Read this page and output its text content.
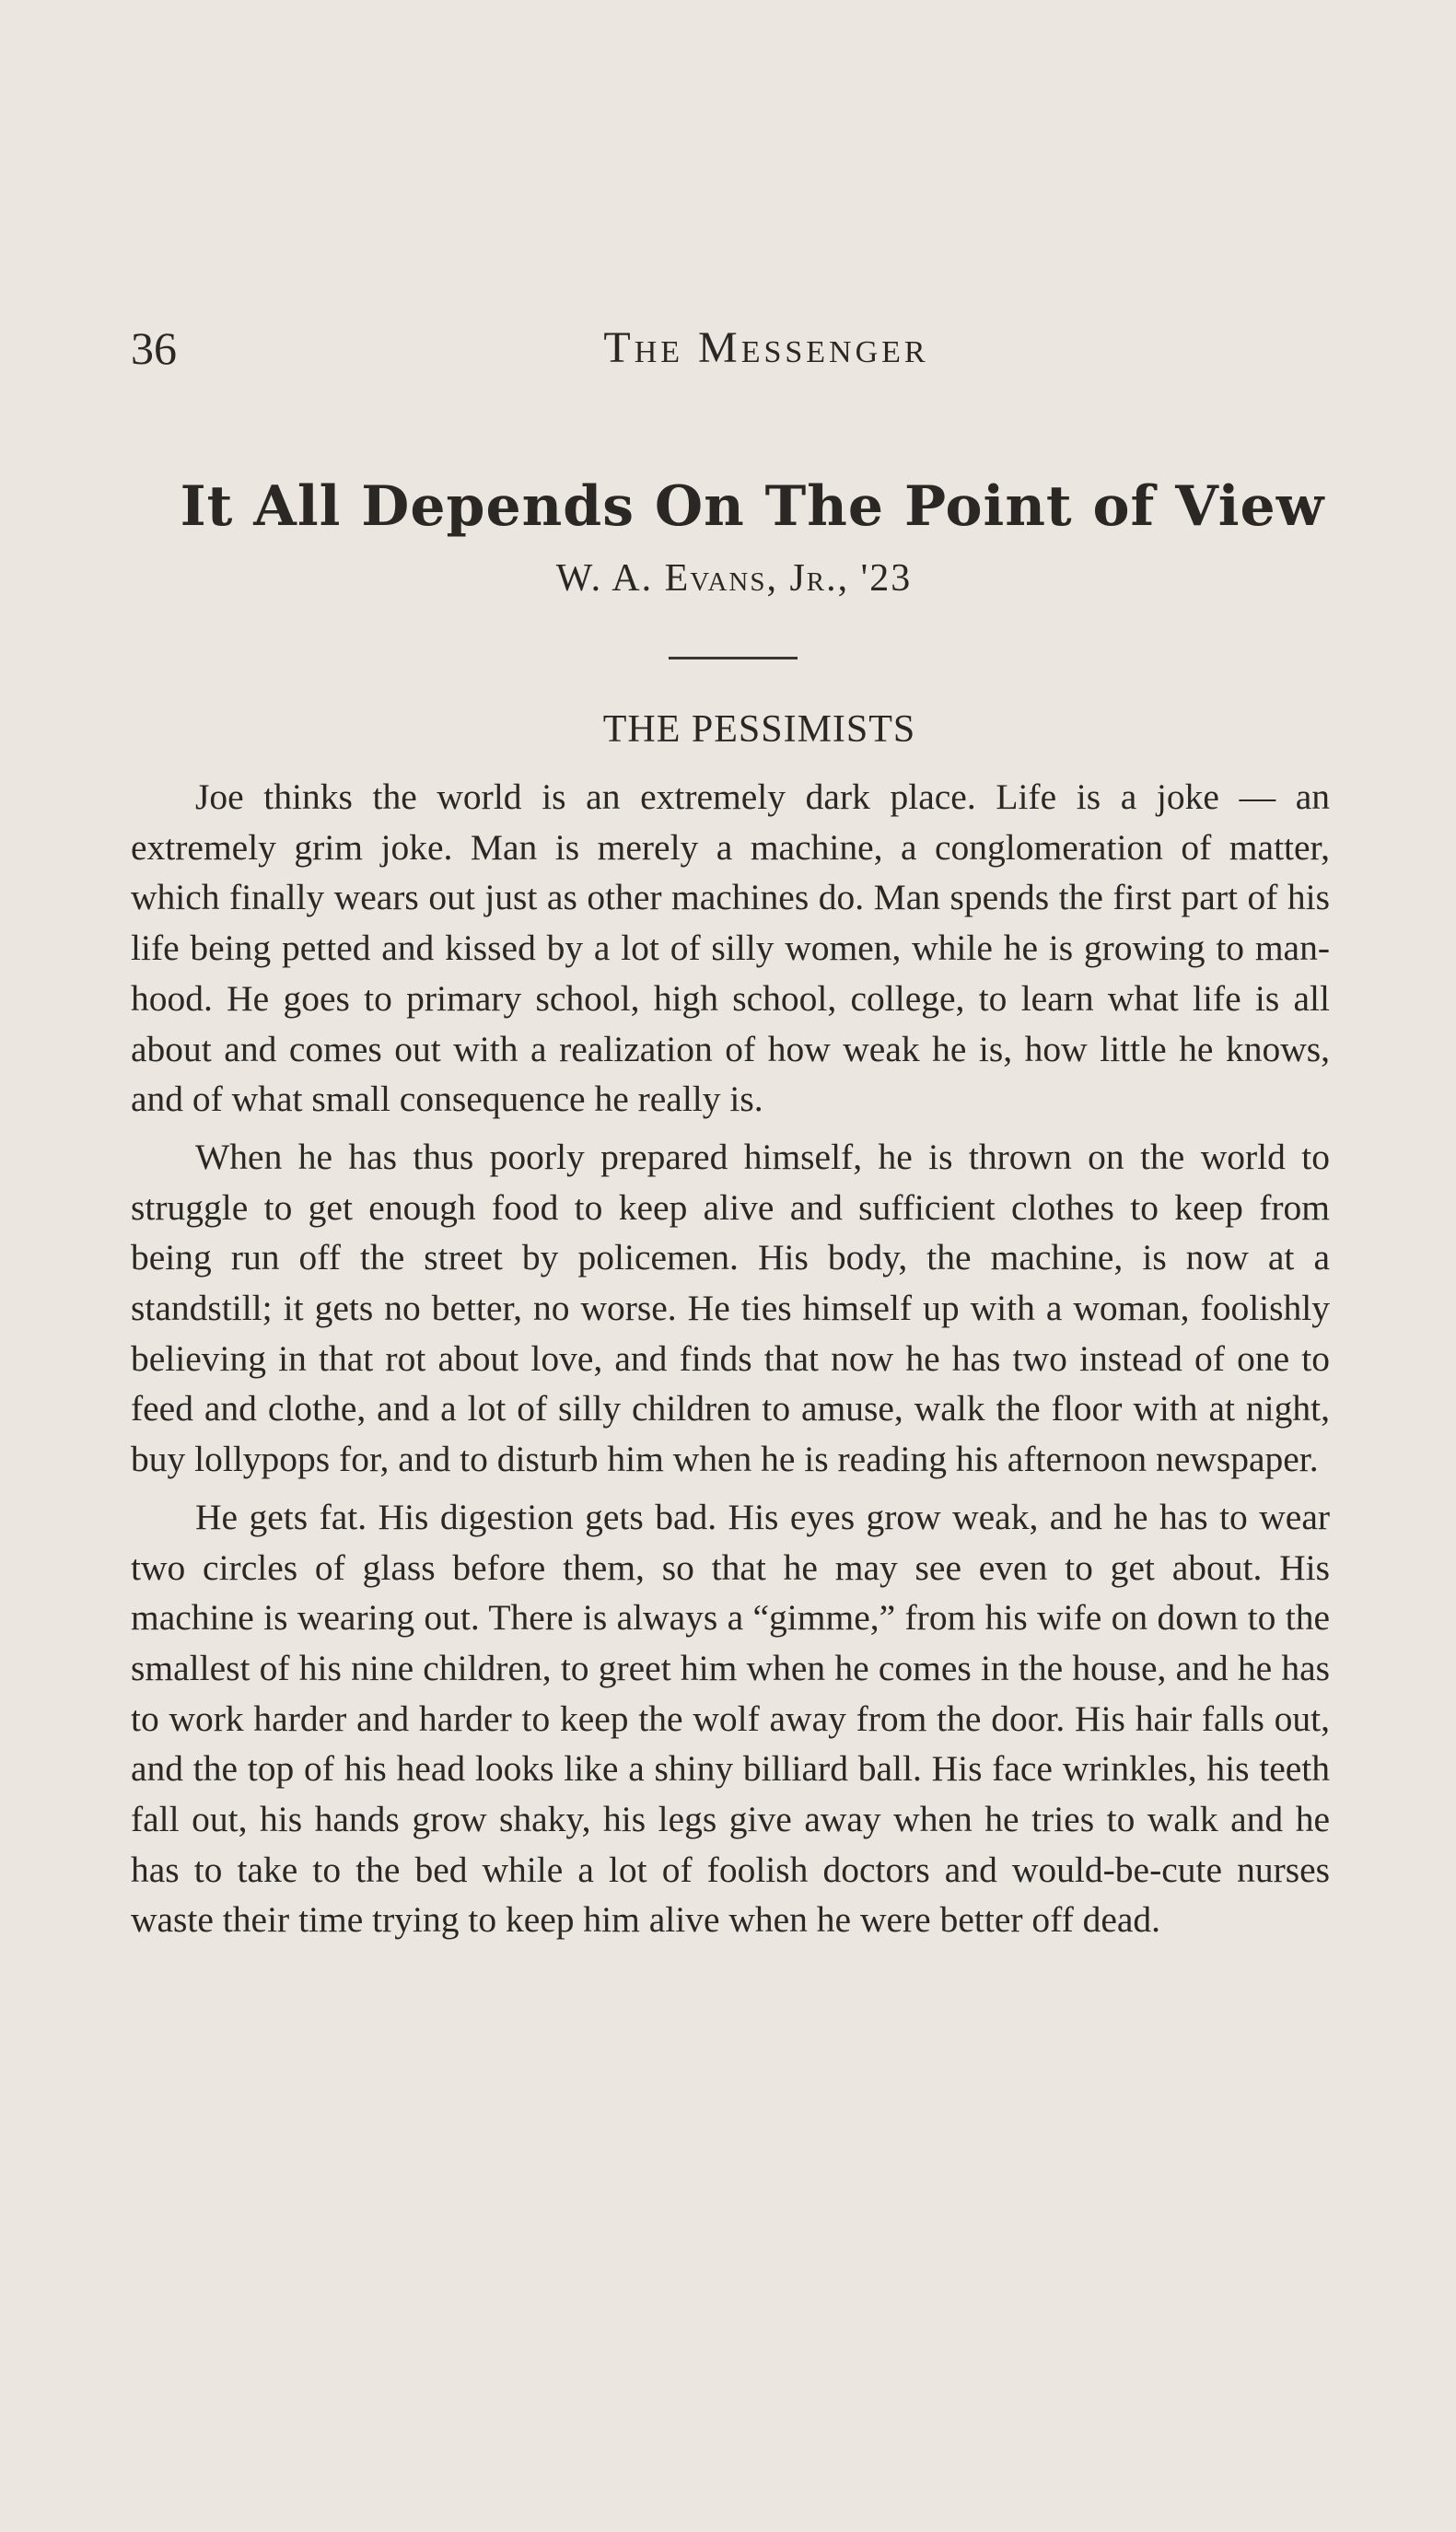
36	The Messenger
It All Depends On The Point of View
W. A. Evans, Jr., '23
THE PESSIMISTS

Joe thinks the world is an extremely dark place. Life is a joke — an extremely grim joke. Man is merely a machine, a conglomeration of matter, which finally wears out just as other machines do. Man spends the first part of his life being petted and kissed by a lot of silly women, while he is growing to manhood. He goes to primary school, high school, college, to learn what life is all about and comes out with a realization of how weak he is, how little he knows, and of what small consequence he really is.

When he has thus poorly prepared himself, he is thrown on the world to struggle to get enough food to keep alive and sufficient clothes to keep from being run off the street by policemen. His body, the machine, is now at a standstill; it gets no better, no worse. He ties himself up with a woman, foolishly believing in that rot about love, and finds that now he has two instead of one to feed and clothe, and a lot of silly children to amuse, walk the floor with at night, buy lollypops for, and to disturb him when he is reading his afternoon newspaper.

He gets fat. His digestion gets bad. His eyes grow weak, and he has to wear two circles of glass before them, so that he may see even to get about. His machine is wearing out. There is always a “gimme,” from his wife on down to the smallest of his nine children, to greet him when he comes in the house, and he has to work harder and harder to keep the wolf away from the door. His hair falls out, and the top of his head looks like a shiny billiard ball. His face wrinkles, his teeth fall out, his hands grow shaky, his legs give away when he tries to walk and he has to take to the bed while a lot of foolish doctors and would-be-cute nurses waste their time trying to keep him alive when he were better off dead.
